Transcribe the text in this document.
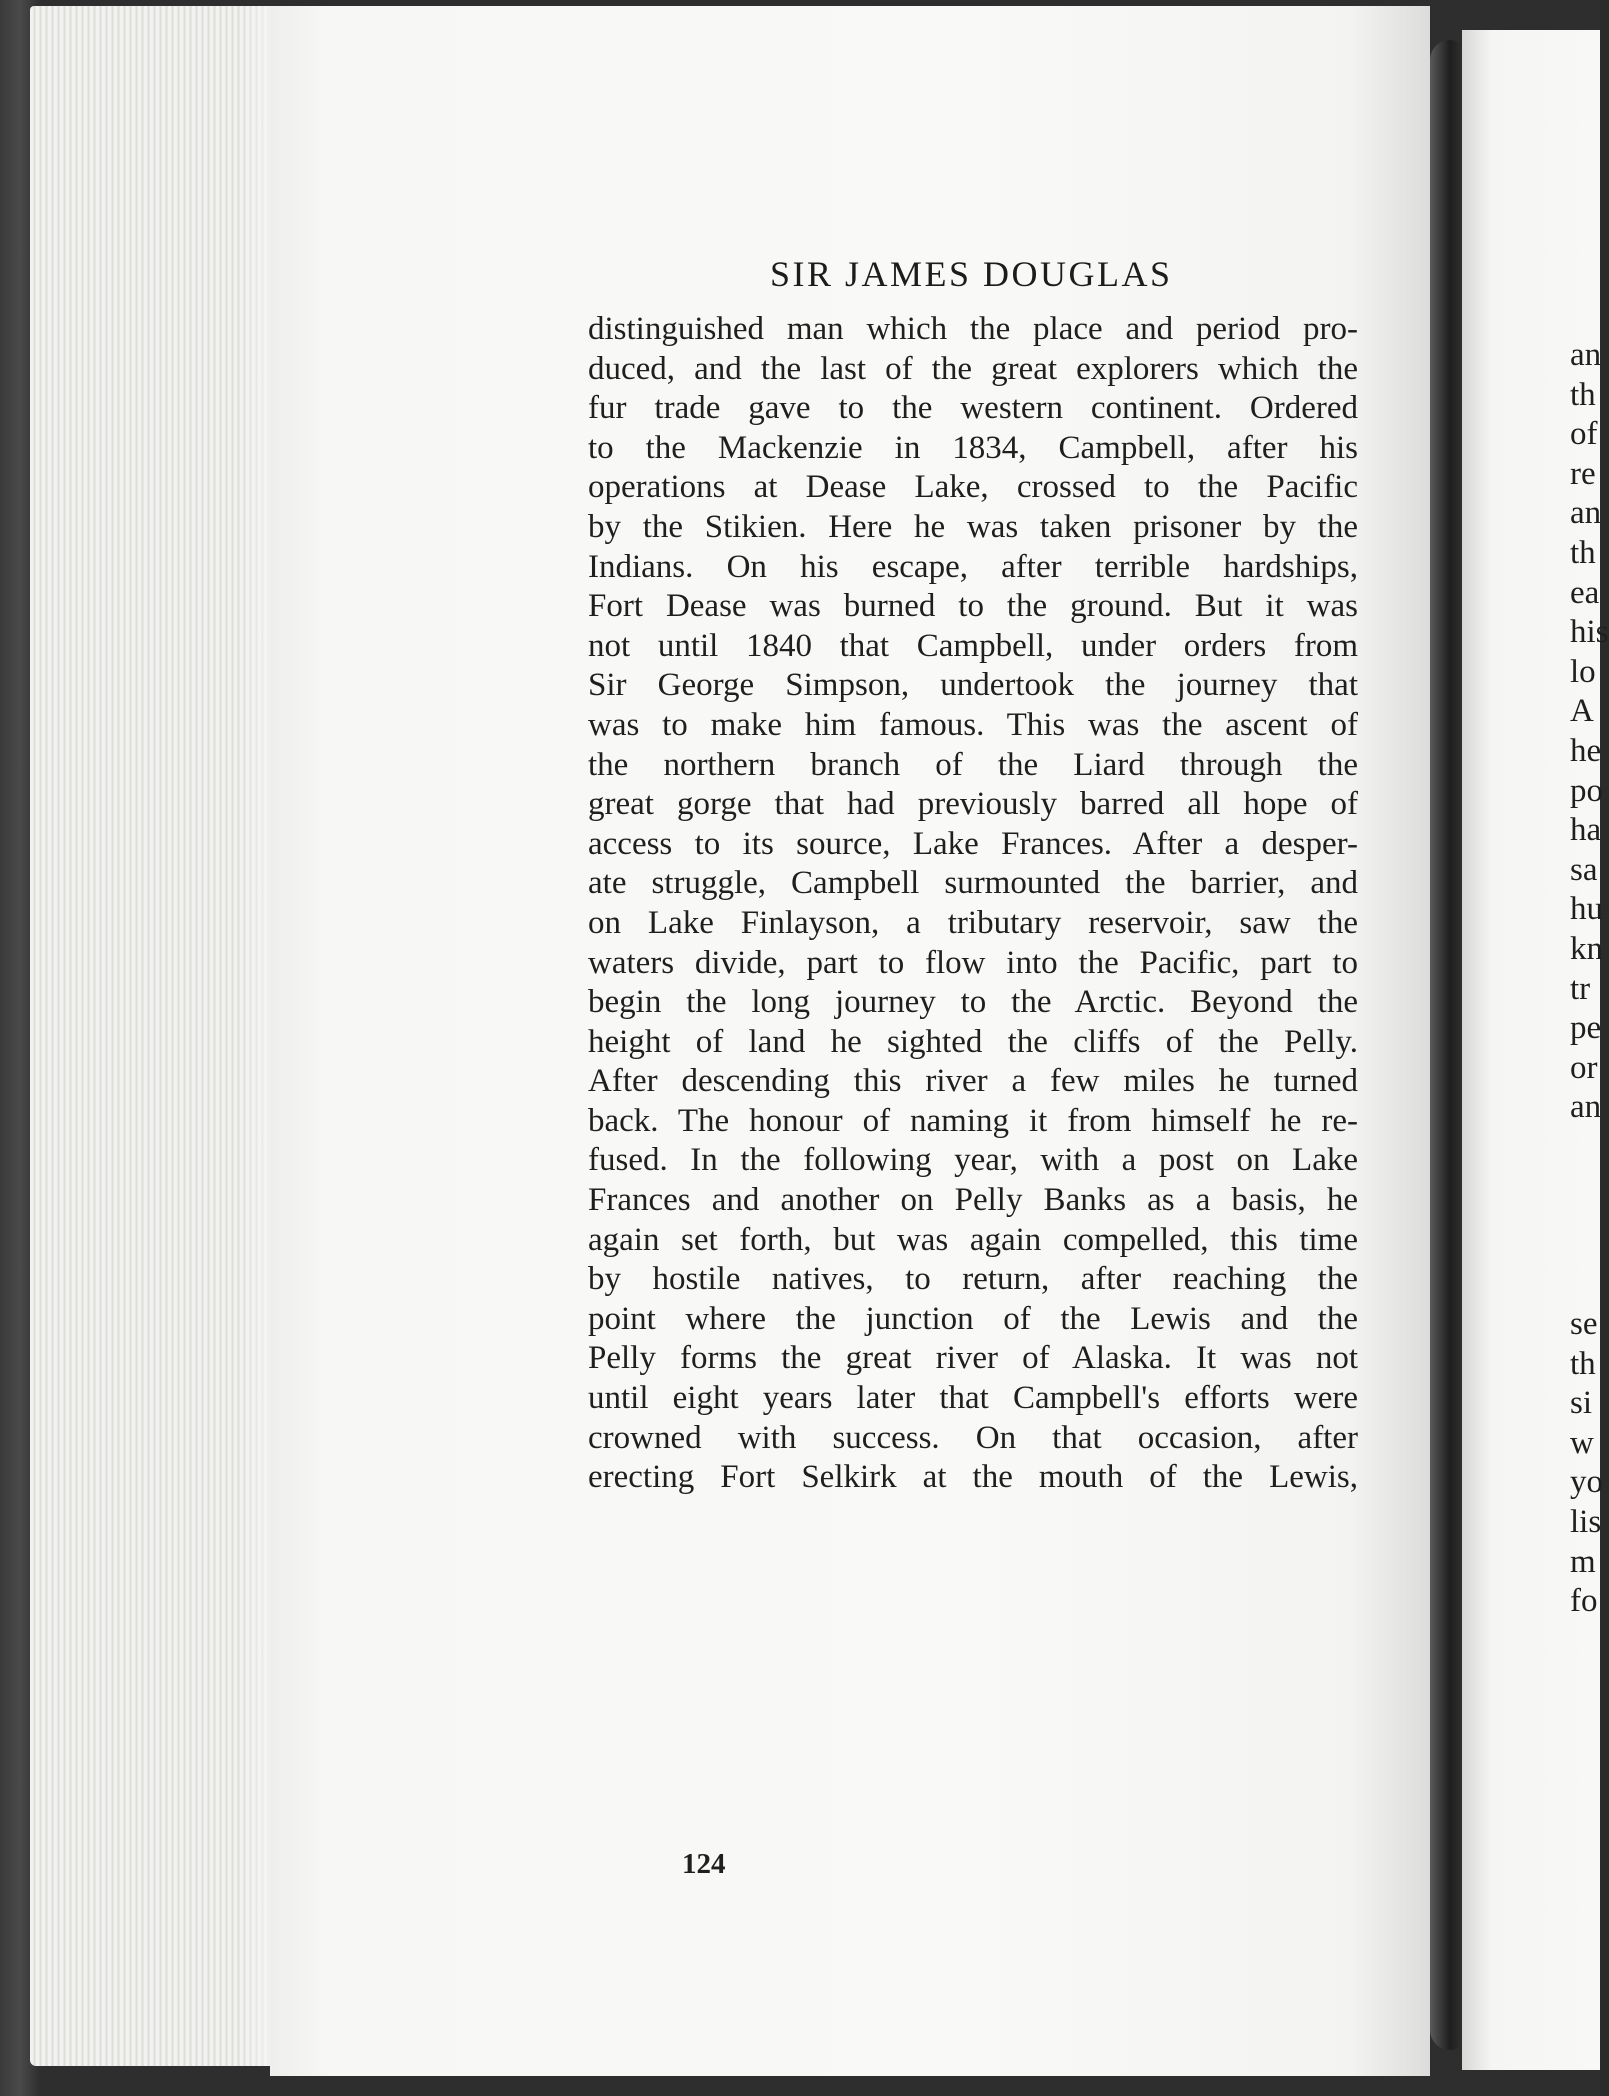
SIR JAMES DOUGLAS
distinguished man which the place and period pro-
duced, and the last of the great explorers which the
fur trade gave to the western continent. Ordered
to the Mackenzie in 1834, Campbell, after his
operations at Dease Lake, crossed to the Pacific
by the Stikien. Here he was taken prisoner by the
Indians. On his escape, after terrible hardships,
Fort Dease was burned to the ground. But it was
not until 1840 that Campbell, under orders from
Sir George Simpson, undertook the journey that
was to make him famous. This was the ascent of
the northern branch of the Liard through the
great gorge that had previously barred all hope of
access to its source, Lake Frances. After a desper-
ate struggle, Campbell surmounted the barrier, and
on Lake Finlayson, a tributary reservoir, saw the
waters divide, part to flow into the Pacific, part to
begin the long journey to the Arctic. Beyond the
height of land he sighted the cliffs of the Pelly.
After descending this river a few miles he turned
back. The honour of naming it from himself he re-
fused. In the following year, with a post on Lake
Frances and another on Pelly Banks as a basis, he
again set forth, but was again compelled, this time
by hostile natives, to return, after reaching the
point where the junction of the Lewis and the
Pelly forms the great river of Alaska. It was not
until eight years later that Campbell's efforts were
crowned with success. On that occasion, after
erecting Fort Selkirk at the mouth of the Lewis,
124
an
th
of
re
an
th
ea
his
lo
A
he
po
ha
sa
hu
kn
tr
pe
or
an
se
th
si
w
yo
lis
m
fo
